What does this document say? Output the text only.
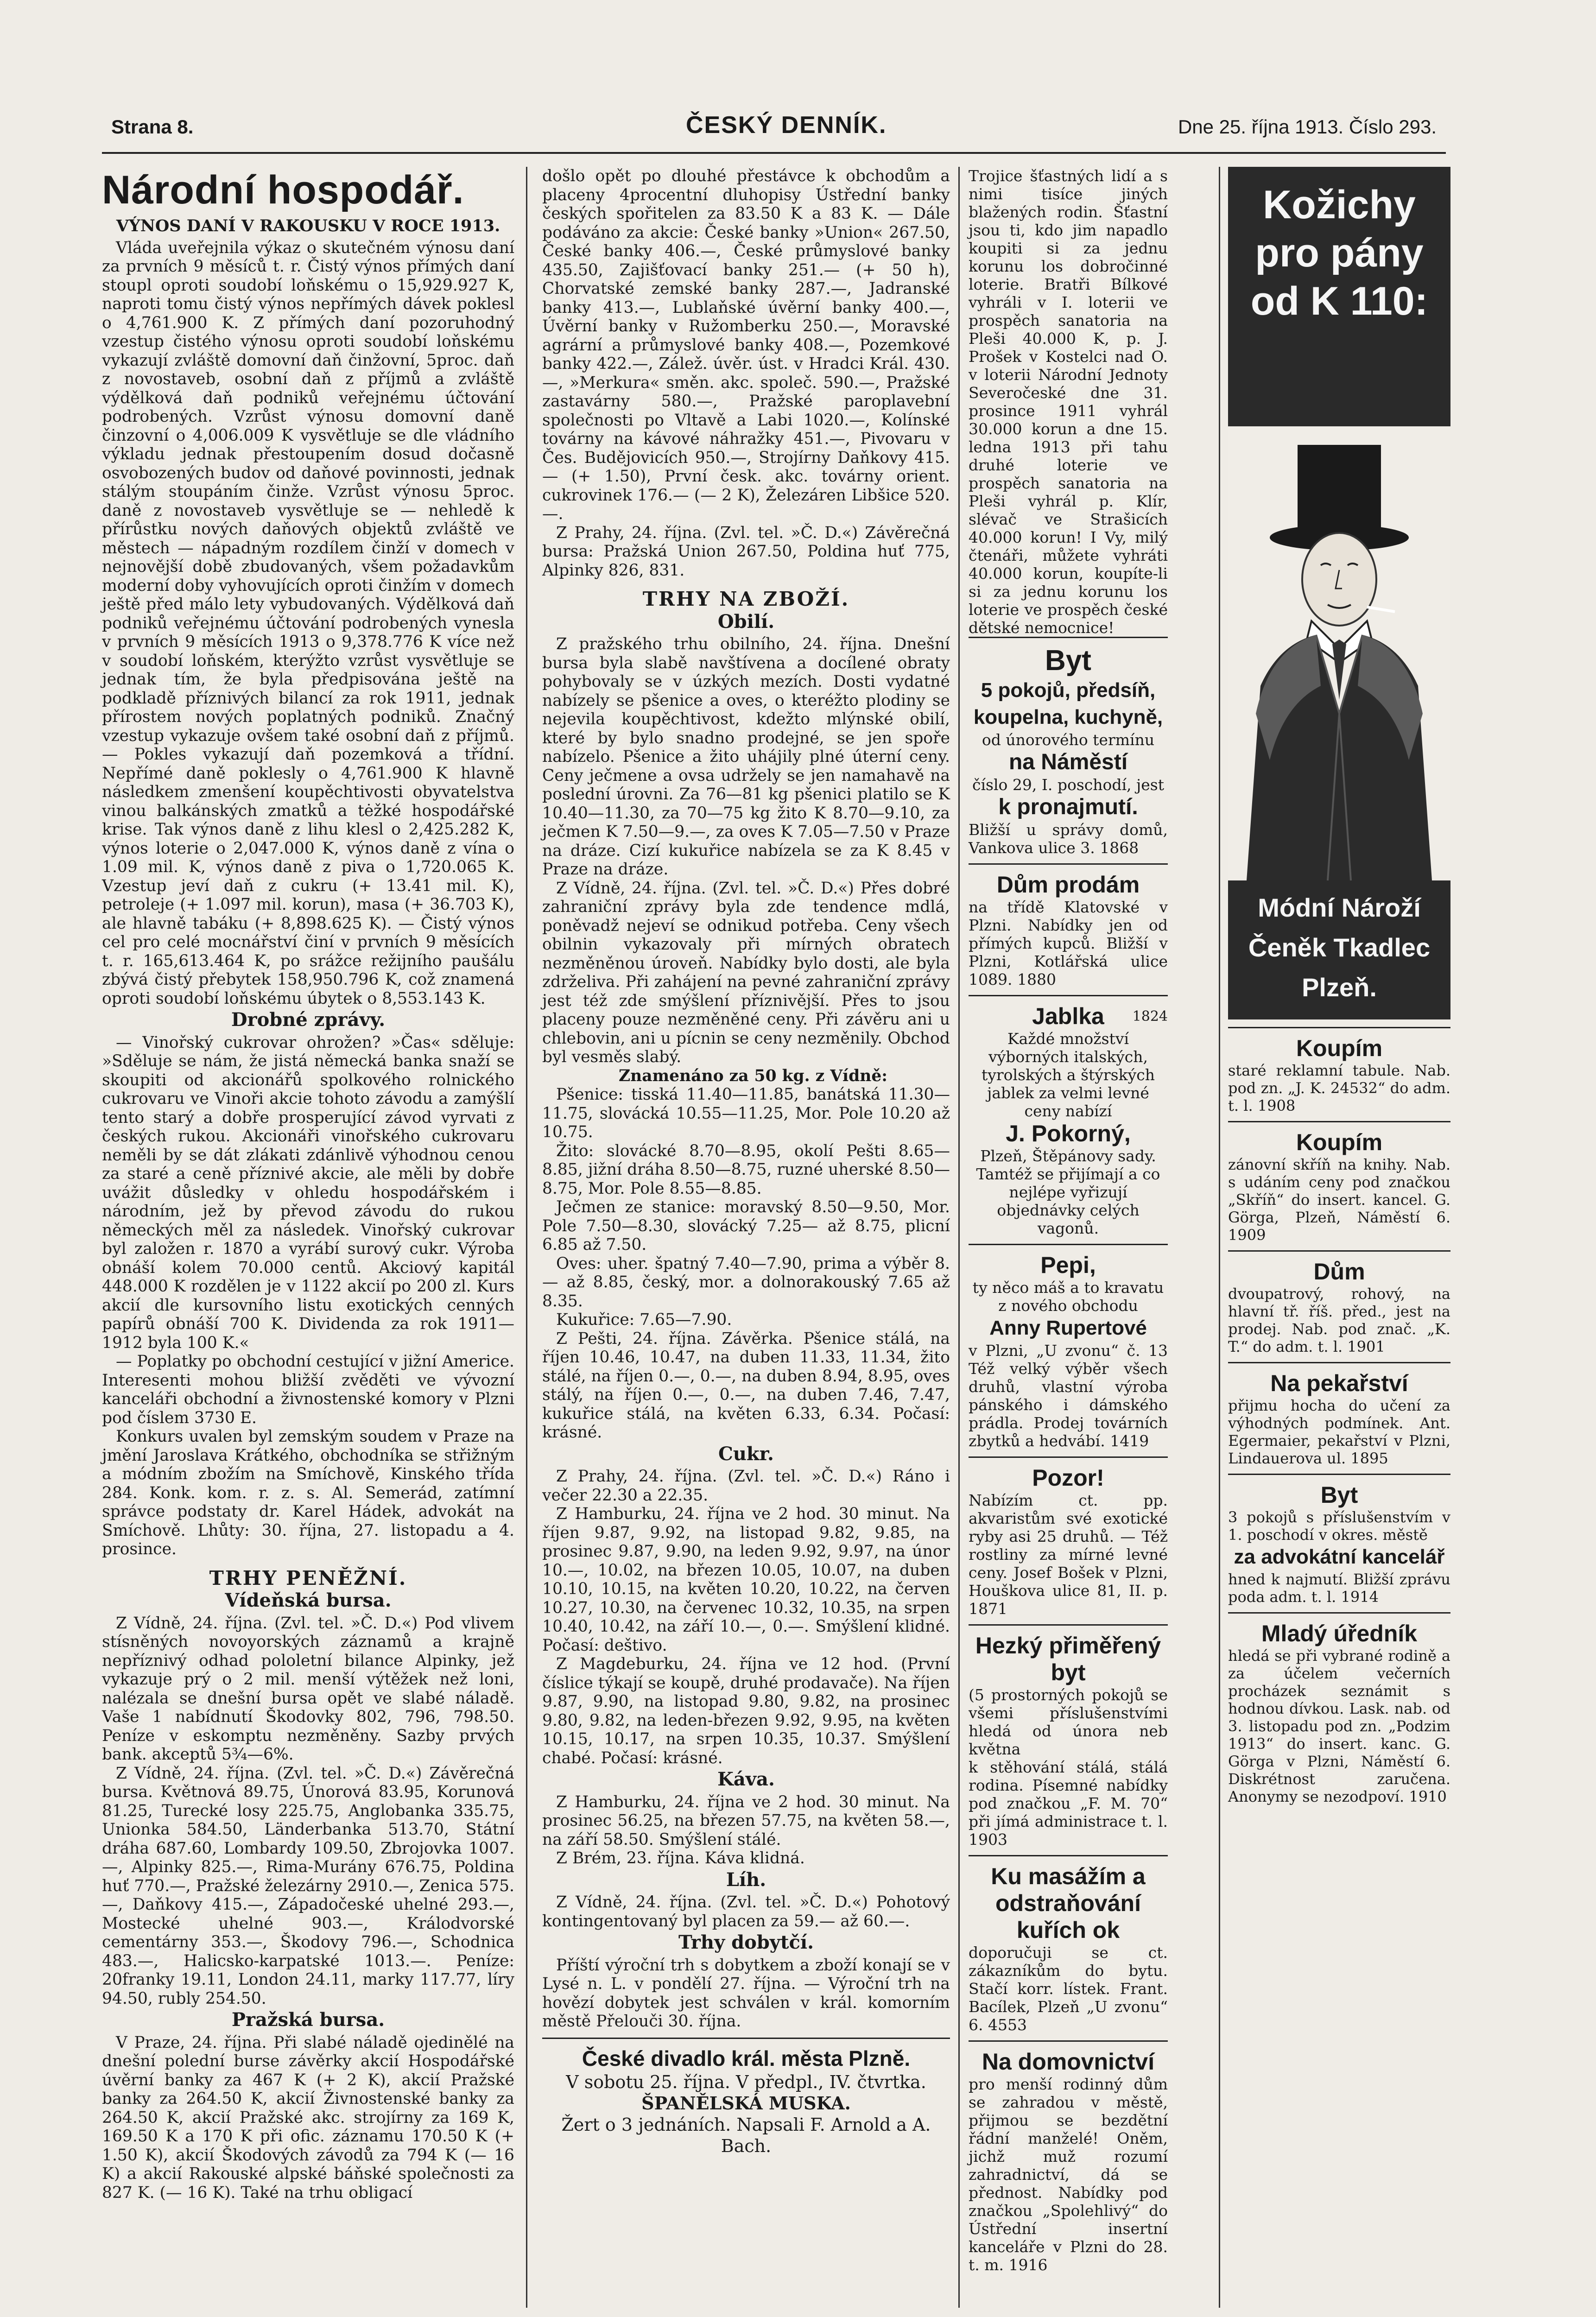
Strana 8.	ČESKÝ DENNÍK.	Dne 25. října 1913. Číslo 293.
Národní hospodář.
VÝNOS DANÍ V RAKOUSKU V ROCE 1913.

Vláda uveřejnila výkaz o skutečném výnosu daní za prvních 9 měsíců t. r. Čistý výnos přímých daní stoupl oproti soudobí loňskému o 15,929.927 K, naproti tomu čistý výnos nepřímých dávek poklesl o 4,761.900 K. Z přímých daní pozoruhodný vzestup čistého výnosu oproti soudobí loňskému vykazují zvláště domovní daň činžovní, 5proc. daň z novostaveb, osobní daň z příjmů a zvláště výdělková daň podniků veřejnému účtování podrobených. Vzrůst výnosu domovní daně činzovní o 4,006.009 K vysvětluje se dle vládního výkladu jednak přestoupením dosud dočasně osvobozených budov od daňové povinnosti, jednak stálým stoupáním činže. Vzrůst výnosu 5proc. daně z novostaveb vysvětluje se — nehledě k přírůstku nových daňových objektů zvláště ve městech — nápadným rozdílem činží v domech v nejnovější době zbudovaných, všem požadavkům moderní doby vyhovujících oproti činžím v domech ještě před málo lety vybudovaných. Výdělková daň podniků veřejnému účtování podrobených vynesla v prvních 9 měsících 1913 o 9,378.776 K více než v soudobí loňském, kterýžto vzrůst vysvětluje se jednak tím, že byla předpisována ještě na podkladě příznivých bilancí za rok 1911, jednak přírostem nových poplatných podniků. Značný vzestup vykazuje ovšem také osobní daň z příjmů. — Pokles vykazují daň pozemková a třídní. Nepřímé daně poklesly o 4,761.900 K hlavně následkem zmenšení koupěchtivosti obyvatelstva vinou balkánských zmatků a tėžké hospodářské krise. Tak výnos daně z lihu klesl o 2,425.282 K, výnos loterie o 2,047.000 K, výnos daně z vína o 1.09 mil. K, výnos daně z piva o 1,720.065 K. Vzestup jeví daň z cukru (+ 13.41 mil. K), petroleje (+ 1.097 mil. korun), masa (+ 36.703 K), ale hlavně tabáku (+ 8,898.625 K). — Čistý výnos cel pro celé mocnářství činí v prvních 9 měsících t. r. 165,613.464 K, po srážce režijního paušálu zbývá čistý přebytek 158,950.796 K, což znamená oproti soudobí loňskému úbytek o 8,553.143 K.

Drobné zprávy.

— Vinořský cukrovar ohrožen? »Čas« sděluje: »Sděluje se nám, že jistá německá banka snaží se skoupiti od akcionářů spolkového rolnického cukrovaru ve Vinoři akcie tohoto závodu a zamýšlí tento starý a dobře prosperující závod vyrvati z českých rukou. Akcionáři vinořského cukrovaru neměli by se dát zlákati zdánlivě výhodnou cenou za staré a ceně příznivé akcie, ale měli by dobře uvážit důsledky v ohledu hospodářském i národním, jež by převod závodu do rukou německých měl za následek. Vinořský cukrovar byl založen r. 1870 a vyrábí surový cukr. Výroba obnáší kolem 70.000 centů. Akciový kapitál 448.000 K rozdělen je v 1122 akcií po 200 zl. Kurs akcií dle kursovního listu exotických cenných papírů obnáší 700 K. Dividenda za rok 1911—1912 byla 100 K.«

— Poplatky po obchodní cestující v jižní Americe. Interesenti mohou bližší zvěděti ve vývozní kanceláři obchodní a živnostenské komory v Plzni pod číslem 3730 E.

Konkurs uvalen byl zemským soudem v Praze na jmění Jaroslava Krátkého, obchodníka se střižným a módním zbožím na Smíchově, Kinského třída 284. Konk. kom. r. z. s. Al. Semerád, zatímní správce podstaty dr. Karel Hádek, advokát na Smíchově. Lhůty: 30. října, 27. listopadu a 4. prosince.

TRHY PENĚŽNÍ.
Vídeňská bursa.

Z Vídně, 24. října. (Zvl. tel. »Č. D.«) Pod vlivem stísněných novoyorských záznamů a krajně nepříznivý odhad pololetní bilance Alpinky, jež vykazuje prý o 2 mil. menší výtěžek než loni, nalézala se dnešní bursa opět ve slabé náladě. Vaše 1 nabídnutí Škodovky 802, 796, 798.50. Peníze v eskomptu nezměněny. Sazby prvých bank. akceptů 5¾—6%.

Z Vídně, 24. října. (Zvl. tel. »Č. D.«) Závěrečná bursa. Květnová 89.75, Únorová 83.95, Korunová 81.25, Turecké losy 225.75, Anglobanka 335.75, Unionka 584.50, Länderbanka 513.70, Státní dráha 687.60, Lombardy 109.50, Zbrojovka 1007.—, Alpinky 825.—, Rima-Murány 676.75, Poldina huť 770.—, Pražské železárny 2910.—, Zenica 575.—, Daňkovy 415.—, Západočeské uhelné 293.—, Mostecké uhelné 903.—, Králodvorské cementárny 353.—, Škodovy 796.—, Schodnica 483.—, Halicsko-karpatské 1013.—. Peníze: 20franky 19.11, London 24.11, marky 117.77, líry 94.50, rubly 254.50.

Pražská bursa.

V Praze, 24. října. Při slabé náladě ojedinělé na dnešní polední burse závěrky akcií Hospodářské úvěrní banky za 467 K (+ 2 K), akcií Pražské banky za 264.50 K, akcií Živnostenské banky za 264.50 K, akcií Pražské akc. strojírny za 169 K, 169.50 K a 170 K při ofic. záznamu 170.50 K (+ 1.50 K), akcií Škodových závodů za 794 K (— 16 K) a akcií Rakouské alpské báňské společnosti za 827 K. (— 16 K). Také na trhu obligací

došlo opět po dlouhé přestávce k obchodům a placeny 4procentní dluhopisy Ústřední banky českých spořitelen za 83.50 K a 83 K. — Dále podáváno za akcie: České banky »Union« 267.50, České banky 406.—, České průmyslové banky 435.50, Zajišťovací banky 251.— (+ 50 h), Chorvatské zemské banky 287.—, Jadranské banky 413.—, Lublaňské úvěrní banky 400.—, Úvěrní banky v Ružomberku 250.—, Moravské agrární a průmyslové banky 408.—, Pozemkové banky 422.—, Zálež. úvěr. úst. v Hradci Král. 430.—, »Merkura« směn. akc. společ. 590.—, Pražské zastavárny 580.—, Pražské paroplavební společnosti po Vltavě a Labi 1020.—, Kolínské továrny na kávové náhražky 451.—, Pivovaru v Čes. Budějovicích 950.—, Strojírny Daňkovy 415.— (+ 1.50), První česk. akc. továrny orient. cukrovinek 176.— (— 2 K), Železáren Libšice 520.—.

Z Prahy, 24. října. (Zvl. tel. »Č. D.«) Závěrečná bursa: Pražská Union 267.50, Poldina huť 775, Alpinky 826, 831.

TRHY NA ZBOŽÍ.
Obilí.

Z pražského trhu obilního, 24. října. Dnešní bursa byla slabě navštívena a docílené obraty pohybovaly se v úzkých mezích. Dosti vydatné nabízely se pšenice a oves, o kteréžto plodiny se nejevila koupěchtivost, kdežto mlýnské obilí, které by bylo snadno prodejné, se jen spoře nabízelo. Pšenice a žito uhájily plné úterní ceny. Ceny ječmene a ovsa udržely se jen namahavě na poslední úrovni. Za 76—81 kg pšenici platilo se K 10.40—11.30, za 70—75 kg žito K 8.70—9.10, za ječmen K 7.50—9.—, za oves K 7.05—7.50 v Praze na dráze. Cizí kukuřice nabízela se za K 8.45 v Praze na dráze.

Z Vídně, 24. října. (Zvl. tel. »Č. D.«) Přes dobré zahraniční zprávy byla zde tendence mdlá, poněvadž nejeví se odnikud potřeba. Ceny všech obilnin vykazovaly při mírných obratech nezměněnou úroveň. Nabídky bylo dosti, ale byla zdrželiva. Při zahájení na pevné zahraniční zprávy jest též zde smýšlení příznivější. Přes to jsou placeny pouze nezměněné ceny. Při závěru ani u chlebovin, ani u pícnin se ceny nezměnily. Obchod byl vesměs slabý.

Znamenáno za 50 kg. z Vídně:

Pšenice: tisská 11.40—11.85, banátská 11.30—11.75, slovácká 10.55—11.25, Mor. Pole 10.20 až 10.75.

Žito: slovácké 8.70—8.95, okolí Pešti 8.65—8.85, jižní dráha 8.50—8.75, ruzné uherské 8.50—8.75, Mor. Pole 8.55—8.85.

Ječmen ze stanice: moravský 8.50—9.50, Mor. Pole 7.50—8.30, slovácký 7.25— až 8.75, plicní 6.85 až 7.50.

Oves: uher. špatný 7.40—7.90, prima a výběr 8.— až 8.85, český, mor. a dolnorakouský 7.65 až 8.35.

Kukuřice: 7.65—7.90.

Z Pešti, 24. října. Závěrka. Pšenice stálá, na říjen 10.46, 10.47, na duben 11.33, 11.34, žito stálé, na říjen 0.—, 0.—, na duben 8.94, 8.95, oves stálý, na říjen 0.—, 0.—, na duben 7.46, 7.47, kukuřice stálá, na květen 6.33, 6.34. Počasí: krásné.

Cukr.

Z Prahy, 24. října. (Zvl. tel. »Č. D.«) Ráno i večer 22.30 a 22.35.

Z Hamburku, 24. října ve 2 hod. 30 minut. Na říjen 9.87, 9.92, na listopad 9.82, 9.85, na prosinec 9.87, 9.90, na leden 9.92, 9.97, na únor 10.—, 10.02, na březen 10.05, 10.07, na duben 10.10, 10.15, na květen 10.20, 10.22, na červen 10.27, 10.30, na červenec 10.32, 10.35, na srpen 10.40, 10.42, na září 10.—, 0.—. Smýšlení klidné. Počasí: deštivo.

Z Magdeburku, 24. října ve 12 hod. (První číslice týkají se koupě, druhé prodavače). Na říjen 9.87, 9.90, na listopad 9.80, 9.82, na prosinec 9.80, 9.82, na leden-březen 9.92, 9.95, na květen 10.15, 10.17, na srpen 10.35, 10.37. Smýšlení chabé. Počasí: krásné.

Káva.

Z Hamburku, 24. října ve 2 hod. 30 minut. Na prosinec 56.25, na březen 57.75, na květen 58.—, na září 58.50. Smýšlení stálé.

Z Brém, 23. října. Káva klidná.

Líh.

Z Vídně, 24. října. (Zvl. tel. »Č. D.«) Pohotový kontingentovaný byl placen za 59.— až 60.—.

Trhy dobytčí.

Příští výroční trh s dobytkem a zboží konají se v Lysé n. L. v pondělí 27. října. — Výroční trh na hovězí dobytek jest schválen v král. komorním městě Přelouči 30. října.

České divadlo král. města Plzně.
V sobotu 25. října. V předpl., IV. čtvrtka.
ŠPANĚLSKÁ MUSKA.
Žert o 3 jednáních. Napsali F. Arnold a A. Bach.
Trojice šťastných lidí a s nimi tisíce jiných blažených rodin. Šťastní jsou ti, kdo jim napadlo koupiti si za jednu korunu los dobročinné loterie. Bratři Bílkové vyhráli v I. loterii ve prospěch sanatoria na Pleši 40.000 K, p. J. Prošek v Kostelci nad O. v loterii Národní Jednoty Severočeské dne 31. prosince 1911 vyhrál 30.000 korun a dne 15. ledna 1913 při tahu druhé loterie ve prospěch sanatoria na Pleši vyhrál p. Klír, slévač ve Strašicích 40.000 korun! I Vy, milý čtenáři, můžete vyhráti 40.000 korun, koupíte-li si za jednu korunu los loterie ve prospěch české dětské nemocnice!
Byt
5 pokojů, předsíň, koupelna, kuchyně,
od únorového termínu
na Náměstí
číslo 29, I. poschodí, jest
k pronajmutí.
Bližší u správy domů, Vankova ulice 3. 1868
Dům prodám
na třídě Klatovské v Plzni. Nabídky jen od přímých kupců. Bližší v Plzni, Kotlářská ulice 1089. 1880
Jablka	1824
Každé množství výborných italských, tyrolských a štýrských jablek za velmi levné ceny nabízí
J. Pokorný,
Plzeň, Štěpánovy sady.
Tamtéž se přijímají a co nejlépe vyřizují objednávky celých vagonů.
Pepi,
ty něco máš a to kravatu z nového obchodu
Anny Rupertové
v Plzni, „U zvonu“ č. 13 Též velký výběr všech druhů, vlastní výroba pánského i dámského prádla. Prodej továrních zbytků a hedvábí. 1419
Pozor!
Nabízím ct. pp. akvaristům své exotické ryby asi 25 druhů. — Též rostliny za mírné levné ceny. Josef Bošek v Plzni, Houškova ulice 81, II. p. 1871
Hezký přiměřený byt
(5 prostorných pokojů se všemi příslušenstvími hledá od února neb května
k stěhování stálá, stálá rodina. Písemné nabídky pod značkou „F. M. 70“ při jímá administrace t. l. 1903
Ku masážím a odstraňování kuřích ok
doporučuji se ct. zákazníkům do bytu. Stačí korr. lístek. Frant. Bacílek, Plzeň „U zvonu“ 6. 4553
Na domovnictví
pro menší rodinný dům se zahradou v městě, přijmou se bezdětní řádní manželé! Oněm, jichž muž rozumí zahradnictví, dá se přednost. Nabídky pod značkou „Spolehlivý“ do Ústřední insertní kanceláře v Plzni do 28. t. m. 1916
Kožichy pro pány od K 110:
Módní Nároží Čeněk Tkadlec Plzeň.
Koupím
staré reklamní tabule. Nab. pod zn. „J. K. 24532“ do adm. t. l. 1908
Koupím
zánovní skříň na knihy. Nab. s udáním ceny pod značkou „Skříň“ do insert. kancel. G. Görga, Plzeň, Náměstí 6. 1909
Dům
dvoupatrový, rohový, na hlavní tř. říš. před., jest na prodej. Nab. pod znač. „K. T.“ do adm. t. l. 1901
Na pekařství
přijmu hocha do učení za výhodných podmínek. Ant. Egermaier, pekařství v Plzni, Lindauerova ul. 1895
Byt
3 pokojů s příslušenstvím v 1. poschodí v okres. městě
za advokátní kancelář
hned k najmutí. Bližší zprávu poda adm. t. l. 1914
Mladý úředník
hledá se při vybrané rodině a za účelem večerních procházek seznámit s hodnou dívkou. Lask. nab. od 3. listopadu pod zn. „Podzim 1913“ do insert. kanc. G. Görga v Plzni, Náměstí 6. Diskrétnost zaručena. Anonymy se nezodpoví. 1910
